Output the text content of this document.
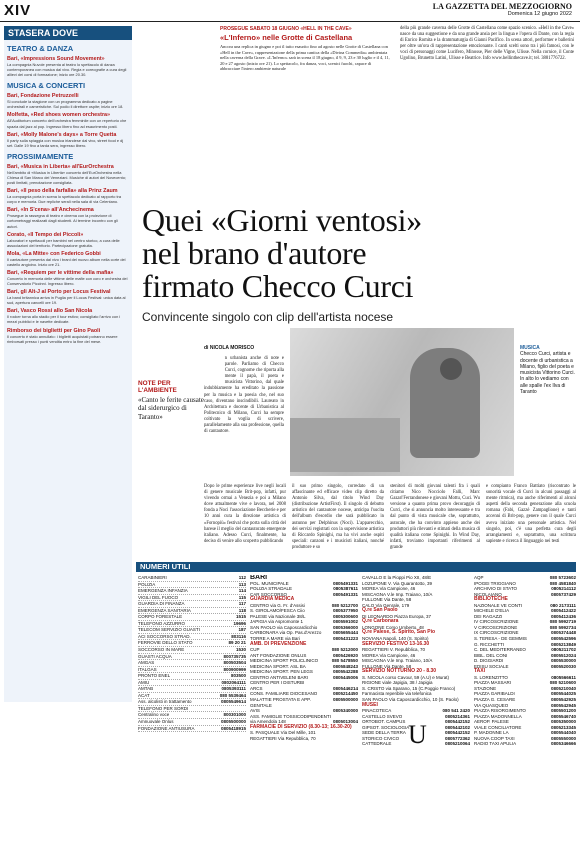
XIV	LA GAZZETTA DEL MEZZOGIORNO
Domenica 12 giugno 2022
STASERA DOVE
TEATRO & DANZA
Bari, «Impressions Sound Movement»
La compagnia Nuvole presenta al teatro lo spettacolo di danza contemporanea con musica dal vivo. Regia e coreografie a cura degli allievi dei corsi di formazione; inizio ore 20.30.
MUSICA & CONCERTI
Bari, Fondazione Petruzzelli
Si conclude la stagione con un programma dedicato a pagine orchestrali e cameristiche. Sul podio il direttore ospite; inizio ore 18.
Molfetta, «Red shoes women orchestra»
All'Auditorium concerto dell'orchestra femminile con un repertorio che spazia dal jazz al pop. Ingresso libero fino ad esaurimento posti.
Bari, «Molly Malone's days» a Torre Quetta
Il party sulla spiaggia con musica irlandese dal vivo, street food e dj set. Dalle 19 fino a tarda sera, ingresso libero.
PROSSIMAMENTE
Bari, «Musica in Liberta» all'EurOrchestra
Nell'ambito di «Musica in Libertà» concerto dell'EurOrchestra nella Chiesa di San Marco dei Veneziani. Musiche di autori del Novecento; posti limitati, prenotazione consigliata.
Bari, «Il peso della farfalla» alla Prinz Zaum
La compagnia porta in scena lo spettacolo dedicato al rapporto tra corpo e memoria. Due repliche serali nella sala di via Celentano.
Bari, «In S'cena» all'Anchecinema
Prosegue la rassegna di teatro e cinema con la proiezione di cortometraggi realizzati dagli studenti. Al termine incontro con gli autori.
Corato, «Il Tempo dei Piccoli»
Laboratori e spettacoli per bambini nel centro storico, a cura delle associazioni del territorio. Partecipazione gratuita.
Mola, «La Mitte» con Federico Gobbi
Il cantautore presenta dal vivo i brani del nuovo album nella corte del castello angioino. Inizio ore 21.
Bari, «Requiem per le vittime della mafia»
Concerto in memoria delle vittime delle mafie con coro e orchestra del Conservatorio Piccinni. Ingresso libero.
Bari, gli Alt-J al Porto per Locus Festival
La band britannica arriva in Puglia per il Locus Festival: unica data al sud, apertura cancelli ore 19.
Bari, Vasco Rossi allo San Nicola
Il rocker torna allo stadio per il tour estivo; consigliato l'arrivo con i mezzi pubblici e le navette dedicate.
Rimborso dei biglietti per Gino Paoli
Il concerto è stato annullato: i biglietti acquistati potranno essere rimborsati presso i punti vendita entro la fine del mese.
PROSEGUE SABATO 18 GIUGNO «HELL IN THE CAVE»
«L'Inferno» nelle Grotte di Castellana
Ancora una replica in giugno e poi il tutto esaurito fino ad agosto nelle Grotte di Castellana con «Hell in the Cave», rappresentazione della prima cantica della «Divina Commedia» ambientata nella caverna della Grave. «L'Inferno» sarà in scena il 18 giugno, il 9, 9, 23 e 30 luglio e il 4, 11, 20 e 27 agosto (inizio ore 21). Lo spettacolo, fra danza, voci, scenici fuochi, capace di abbracciare l'intero ambiente naturale
della più grande caverna delle Grotte di Castellana come spazio scenico. «Hell in the Cave» nasce da una suggestione e da una grande ansia per la lingua e l'opera di Dante, con la regia di Enrico Romita e la drammaturgia di Gianni Pacifico. In scena attori, performer e ballerini per oltre un'ora di rappresentazione emozionante. I canti scelti sono tra i più famosi, con le voci di personaggi come Lucifero, Minosse, Pier delle Vigne, Ulisse. Nella cornice, il Conte Ugolino, Brunetto Latini, Ulisse e Beatrice. Info www.hellinthecave.it; tel. 3881776722.
Quei «Giorni ventosi»
nel brano d'autore
firmato Checco Curci
Convincente singolo con clip dell'artista nocese
MUSICA
Checco Curci, artista e docente di urbanistica a Milano, figlio del poeta e musicista Vittorino Curci. In alto lo vediamo con alle spalle l'ex Ilva di Taranto
di NICOLA MORISCO
U
n urbanista anche di note e parole. Parliamo di Checco Curci, cognome che riporta alla mente il papà, il poeta e musicista Vittorino, dal quale indubbiamente ha ereditato la passione per la musica e la poesia che, nel suo caso, diventano inscindibili. Laureato in Architettura e docente di Urbanistica al Politecnico di Milano, Curci ha sempre coltivato la voglia di scrivere, parallelamente alla sua professione, quella di cantautore.
NOTE PER L'AMBIENTE
«Canto le ferite causate dal siderurgico di Taranto»
Dopo le prime esperienze live negli locali di genere musicale Brit-pop, infatti, pur vivendo ormai a Venezia e poi a Milano dove attualmente vive e lavora, nel 2008 fonda a Noci l'associazione Beccherie e per 10 anni cura la direzione artistica di «Fornopiù» festival che porta sulla città del barese il meglio del cantautorato emergente italiano. Adesso Curci, finalmente, ha deciso di venire allo scoperto pubblicando
il suo primo singolo, corredato di un affascinante ed efficace video clip diretto da Antonio Silva, dal titolo Wind Day (distribuzione ArtistFirst). Il singolo di debutto artistico del cantautore nocese, anticipa l'uscita dell'album d'esordio che sarà pubblicato in autunno per Delphinus (Noci). L'apparecchio, dei servizi registrati con la supervisione artistica di Riccardo Spinighi, ma ha vivi anche ospiti speciali: canzoni e i musicisti italiani, nonché produttore e so
stenitori di molti giovani talenti fra i quali citiamo Nico Nocciolo Falli, Marc Gazari'Ferrandonese e giovani Mottu, Cuci. Wu versione a quanto prima provo decoraggio di Curci, che si annuncia molto interessante e tra dal punto di vista musicale che, soprattutto, autorale, che ha convinto appieno anche dei produttori più rilevanti e stimati della musica di qualità italiana come Spinighi. In Wind Day, infatti, troviamo importanti riferimenti al grande
e compianto Franco Battiato (riscontrato le sonorità vocale di Curci in alcuni passaggi al mente ritmica), ma anche riferimenti al alcuni aspetti della seconda generazione alla scuola romana (Fabi, Gazzè Zampaglione) e tanti accenni di Brit-pop, genere con il quale Curci aveva iniziato una personale artistica. Nel singolo, poi, c'è una perfetta cura degli arrangiamenti e, soprattutto, una scrittura sapiente e ricerca il linguaggio nei testi
NUMERI UTILI
CARABINIERI	112
POLIZIA	113
EMERGENZA INFANZIA	114
VIGILI DEL FUOCO	115
GUARDIA DI FINANZA	117
EMERGENZA SANITARIA	118
CORPO FORESTALE	1515
TELEFONO AZZURRO	19696
TELECOM SERVIZIO GUASTI	187
ACI SOCCORSO STRAD.	803116
FERROVIE DELLO STATO	89 20 21
SOCCORSO IN MARE	1530
GUASTI ACQUA	800735735
AMGAS	800503504
ITALGAS	800900999
PRONTO ENEL	803500
AMIU	0802064111
AMTAB	0805393111
ACAT	080 5539464
Ass. alcolisti in trattamento	0805549614
TELEFONO PER SORDI
Centralino voce	800301000
Amnuovale Onlus	0805500000
FONDAZIONE ANTIUSURA	0805418915
BARI
POL. MUNICIPALE	0805491331
POLIZIA STRADALE	0805387611
CAR SOCCORSO	0805491331
GUARDIA MEDICA
CENTRO via G. Fr. d'Assisi	080 5212700
S. GIROLAMO/FESCA Ciio	0805377950
PALESE via Nazionale 38/L	0805300600
JAPIGIA via Aspromonte 1	0805591002
SAN PAOLO via Caposcardicchio	0805366000
CARBONARA via Op. Pas.d'Arezzo	0805655444
TORRE A MARE via Bari	0805431223
AMB. DI PREVENZIONE
CUP	080 5212000
ANT FONDAZIONE ONLUS	0805426920
MEDICINA SPORT POLICLINICO	080 5478550
MEDICINA SPORT. ASL BA	0805848243
MEDICINA SPORT. PEN LEGS	0805542288
CENTRO ANTIVELENI BARI	0805445006
CENTRO PER I DISTURBI
ARCS	0805446214
CONS. FAMILIARE DIOCESANO	0805214450
MALATTIE PROSTATA E APP. GENITALE
0805500000
AVIS	0805340000
ASS. FAMIGLIE TOSSICODIPENDENTI
via Amendola 148	0805013004
FARMACIE DI SERVIZIO (8.30-13; 16.30-20)
S. PASQUALE Via Del Mille, 101
REGATTIERI Via Repubblica, 70
CAVALLO E la Pioppi Pio XII, 48/E
LOZUPONE V. Via Quarantotto, 39
MOREA Via Campione, 46
MISCAGNA V.le Imp. Traiano, 10/A
FULLONE Via Dante, 58
CALO Via Genrale, 179
Q.re San Paolo
DI LEONARDO Piazza Europa, 37
Q.re Carbonara
LONGONE Corso Umberto, 48
Q.re Palese, S. Spirito, San Pio
NOVIANA Napoli, 140 (S. Spirito)
SERVIZIO FESTIVO 13-16.30
REGATTIERI V. Repubblica, 70
MOREA Via Campione, 46
MISCAGNA V.le Imp. Traiano, 10/A
FULLONE Via Dante, 58
SERVIZIO NOTTURNO 20 - 8.30
S. NICOLA corso Cavour, 59 (A.U) e Murat)
RIGIONE viale Japigia, 38 / Japigia
S. CRISTO via Sparano, 15 (C.Poggio Franco)
Farmacista reperibile via telefonica
SAN PAOLO Via Caposcardicchio, 10 (S. Paolo)
MUSEI
PINACOTECA	080 541 2420
CASTELLO SVEVO	0805214361
ORTOBOT. CAMPUS	0805442152
GIPSOT. SOCIOLOGIA	0805442102
SEDE DELLA TERRA	0805442152
STORICO CIVICO	0805772362
CATTEDRALE	0805210064
AQP	080 5723602
IPOGEI TRIGGIANO	080 4581840
ARCHIVIO DI STATO	0805214112
NICOLAIANO	0805737429
BIBLIOTECHE
NAZIONALE VE CONTI	080 2173111
MICHELE D'ELIA	0805412422
DEI RAGAZZI	0805412436
IV CIRCOSCRIZIONE	080 5992719
V CIRCOSCRIZIONE	080 5992734
IX CIRCOSCRIZIONE	0805374448
S. TERESA - DE GEMMIS	0805542596
G. RICCHETTI	0805213849
C. DEL MEDITERRANEO	0805211702
BIBL. DEL CONI	0805512024
D. DIGGIARDI	0805530000
EDISU SOCIALE	0805520030
TAXI
S. LORENZITTO	0805566611
PIAZZA MASSARI	080 5210600
STAZIONE	0805210040
PIAZZA GARIBALDI	0805544025
PIAZZA G. CESARE	0805542925
VIA QUASQUEO	0805542945
PIAZZA RISORGIMENTO	0805501200
PIAZZA MADONNELLA	0805546740
AEROP. PALESE	0805350000
VIALE CONCILIATORE	0805213345
P. MADONNE LA	0805544040
NUOVA COOP TAXI	0805550000
RADIO TAXI APULIA	0805346666
